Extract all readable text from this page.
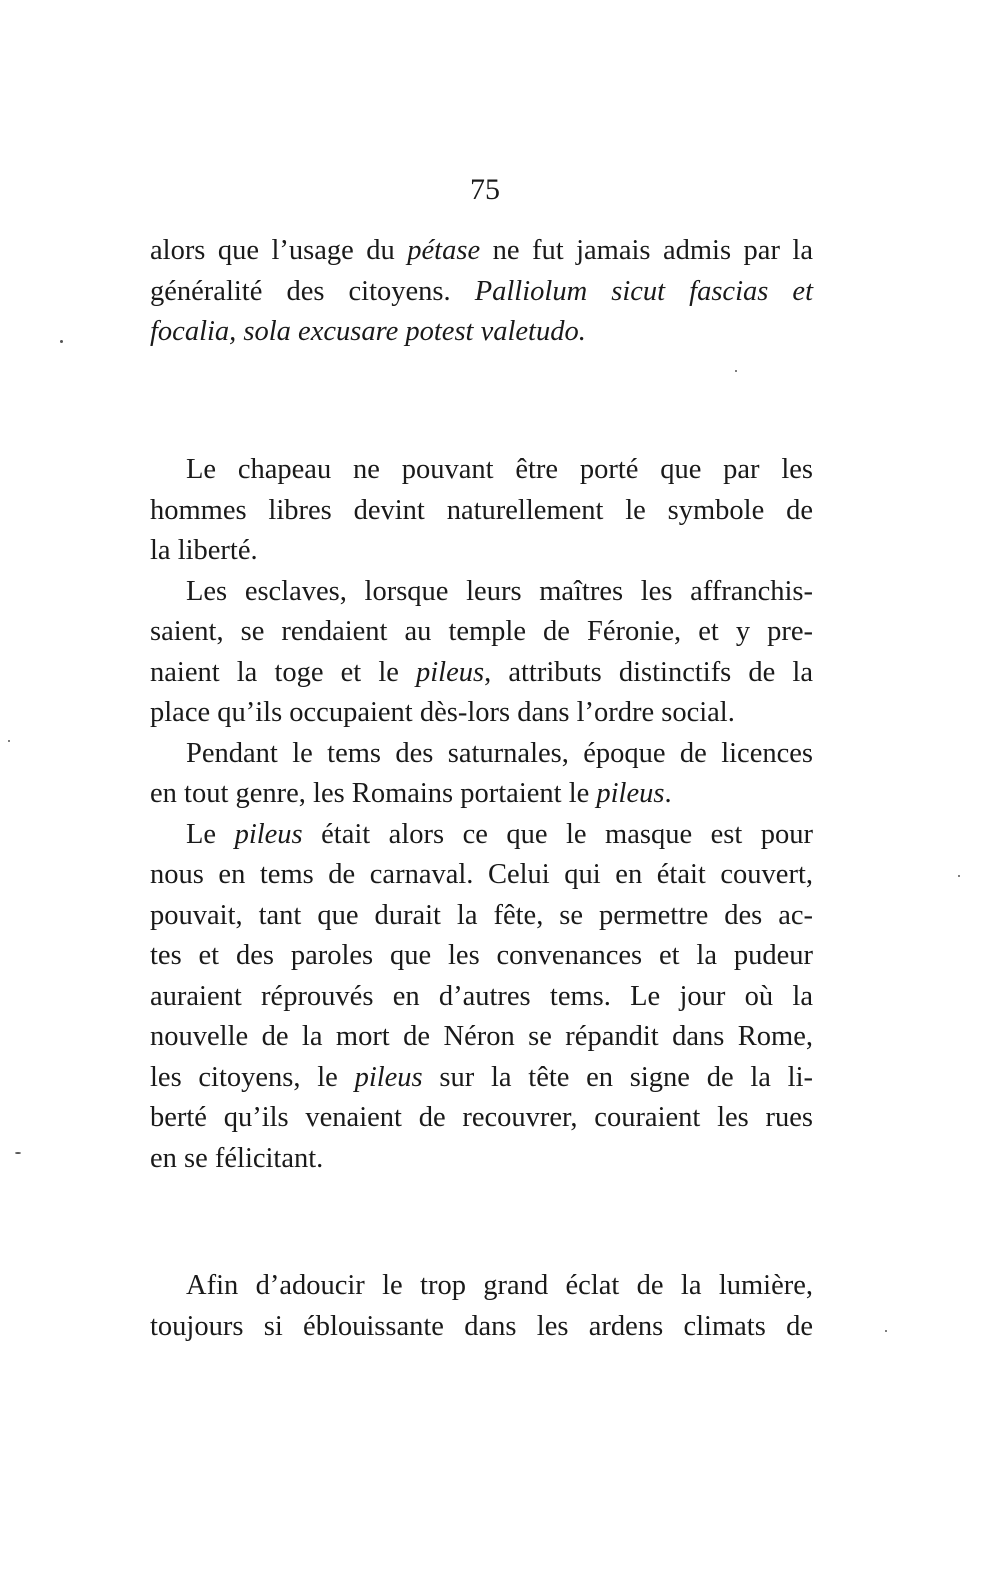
75
alors que l’usage du pétase ne fut jamais admis par la
généralité des citoyens. Palliolum sicut fascias et
focalia, sola excusare potest valetudo.
Le chapeau ne pouvant être porté que par les
hommes libres devint naturellement le symbole de
la liberté.
Les esclaves, lorsque leurs maîtres les affranchis-
saient, se rendaient au temple de Féronie, et y pre-
naient la toge et le pileus, attributs distinctifs de la
place qu’ils occupaient dès-lors dans l’ordre social.
Pendant le tems des saturnales, époque de licences
en tout genre, les Romains portaient le pileus.
Le pileus était alors ce que le masque est pour
nous en tems de carnaval. Celui qui en était couvert,
pouvait, tant que durait la fête, se permettre des ac-
tes et des paroles que les convenances et la pudeur
auraient réprouvés en d’autres tems. Le jour où la
nouvelle de la mort de Néron se répandit dans Rome,
les citoyens, le pileus sur la tête en signe de la li-
berté qu’ils venaient de recouvrer, couraient les rues
en se félicitant.
Afin d’adoucir le trop grand éclat de la lumière,
toujours si éblouissante dans les ardens climats de
